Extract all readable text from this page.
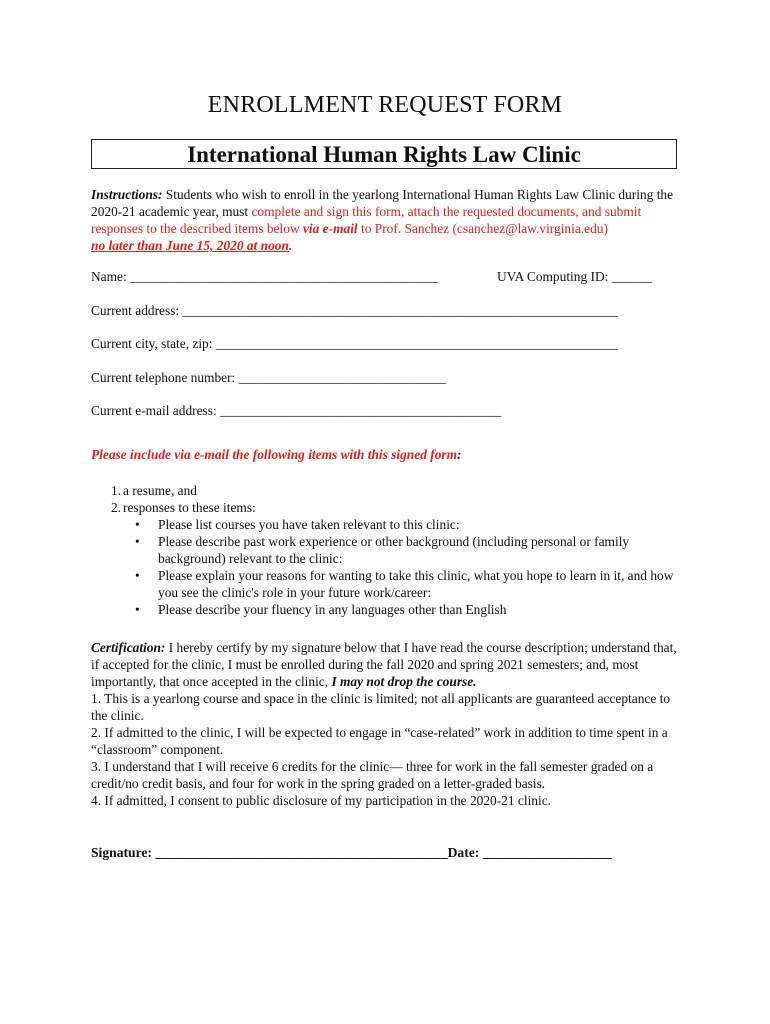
ENROLLMENT REQUEST FORM
International Human Rights Law Clinic
Instructions: Students who wish to enroll in the yearlong International Human Rights Law Clinic during the 2020-21 academic year, must complete and sign this form, attach the requested documents, and submit responses to the described items below via e-mail to Prof. Sanchez (csanchez@law.virginia.edu)
no later than June 15, 2020 at noon.
Name: ______________________________________________	UVA Computing ID: ______
Current address: _________________________________________________________________
Current city, state, zip: ____________________________________________________________
Current telephone number: _______________________________
Current e-mail address: __________________________________________
Please include via e-mail the following items with this signed form:
1. a resume, and
2. responses to these items:
• Please list courses you have taken relevant to this clinic:
• Please describe past work experience or other background (including personal or family background) relevant to the clinic:
• Please explain your reasons for wanting to take this clinic, what you hope to learn in it, and how you see the clinic's role in your future work/career:
• Please describe your fluency in any languages other than English
Certification: I hereby certify by my signature below that I have read the course description; understand that, if accepted for the clinic, I must be enrolled during the fall 2020 and spring 2021 semesters; and, most importantly, that once accepted in the clinic, I may not drop the course.
1. This is a yearlong course and space in the clinic is limited; not all applicants are guaranteed acceptance to the clinic.
2. If admitted to the clinic, I will be expected to engage in “case-related” work in addition to time spent in a “classroom” component.
3. I understand that I will receive 6 credits for the clinic— three for work in the fall semester graded on a credit/no credit basis, and four for work in the spring graded on a letter-graded basis.
4. If admitted, I consent to public disclosure of my participation in the 2020-21 clinic.
Signature: ___________________________________________Date: ___________________
